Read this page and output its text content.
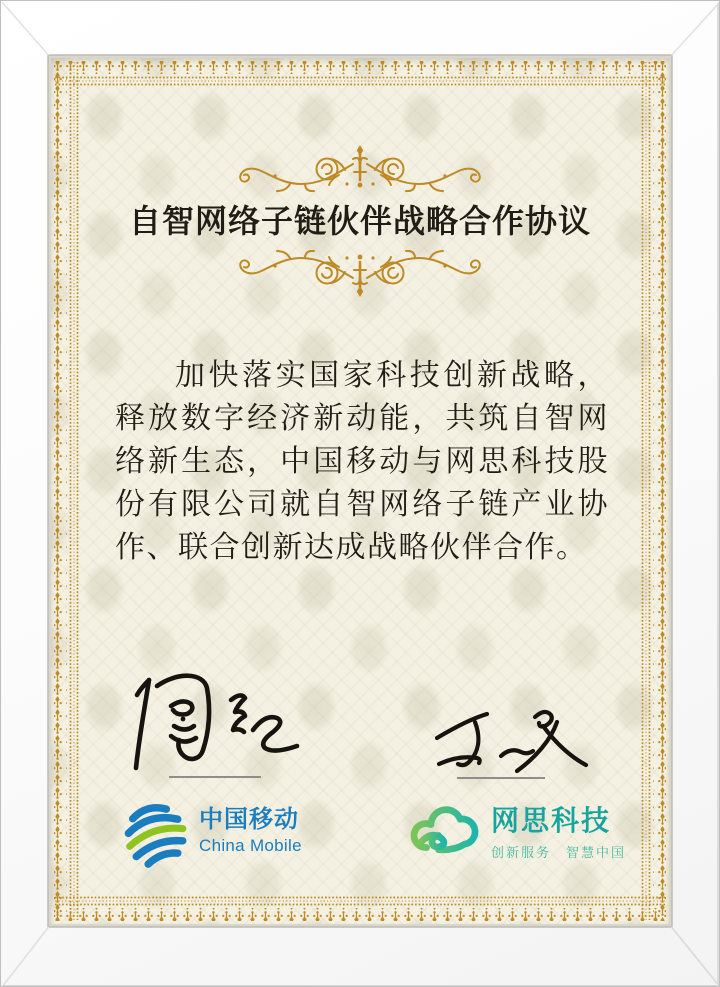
自智网络子链伙伴战略合作协议

加快落实国家科技创新战略，释放数字经济新动能，共筑自智网络新生态，中国移动与网思科技股份有限公司就自智网络子链产业协作、联合创新达成战略伙伴合作。

中国移动
China Mobile
网思科技
创新服务　智慧中国
